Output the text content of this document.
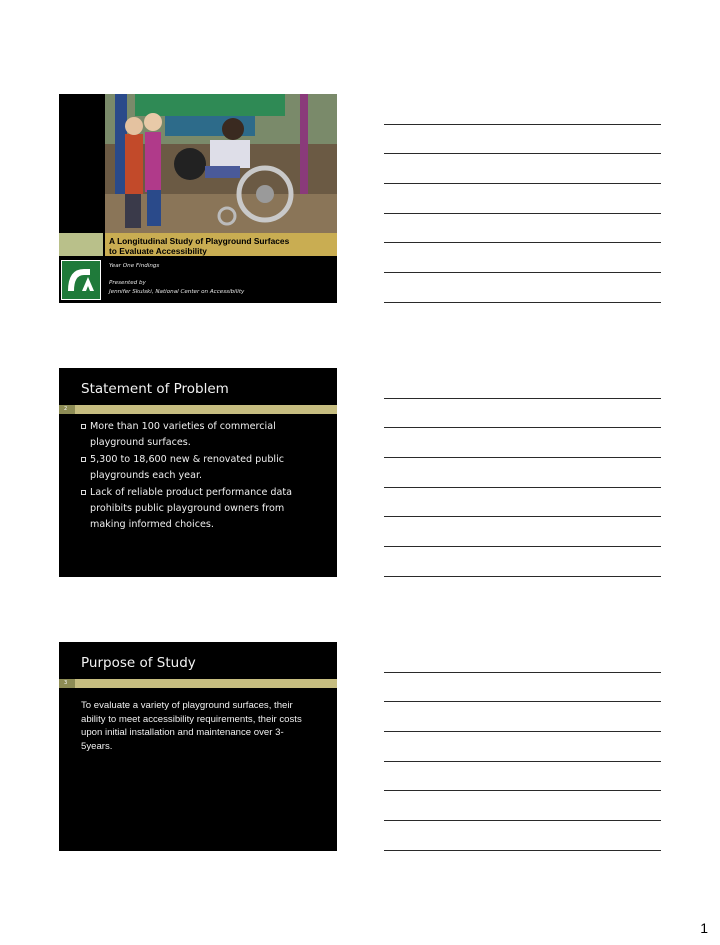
A Longitudinal Study of Playground Surfaces
to Evaluate Accessibility
Year One Findings
Presented by
Jennifer Skulski, National Center on Accessibility
Statement of Problem
2
More than 100 varieties of commercial
playground surfaces.
5,300 to 18,600 new & renovated public
playgrounds each year.
Lack of reliable product performance data
prohibits public playground owners from
making informed choices.
Purpose of Study
3
To evaluate a variety of playground surfaces, their ability to meet accessibility requirements, their costs upon initial installation and maintenance over 3-5years.
1
